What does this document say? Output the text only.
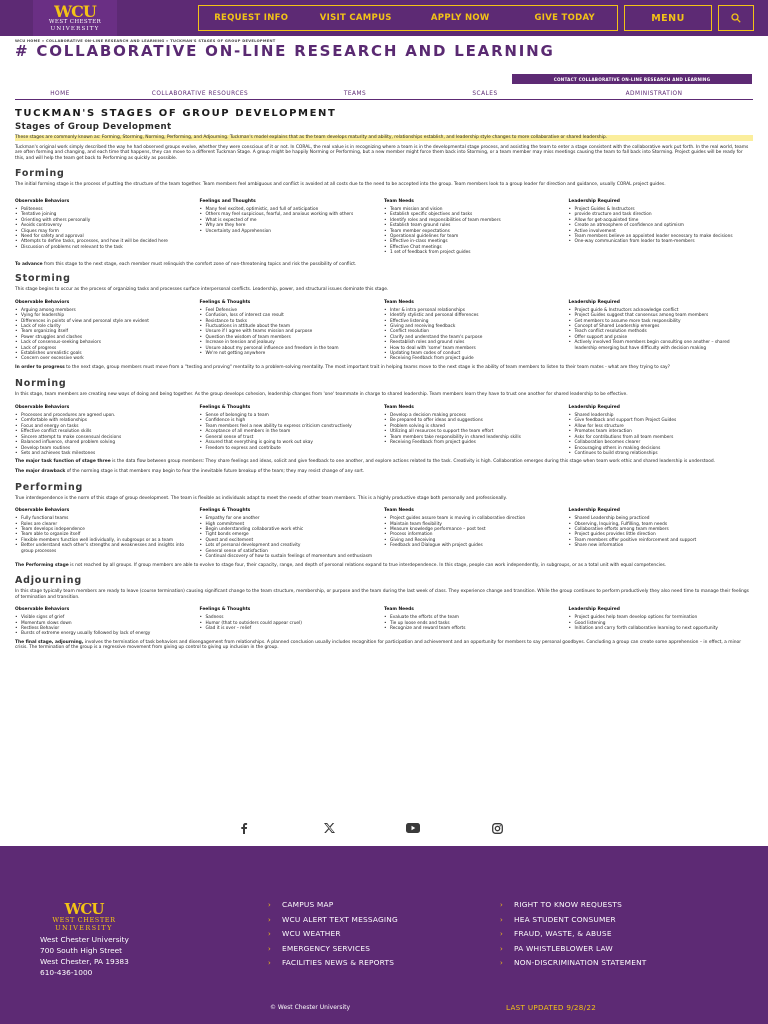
WCU
WEST CHESTER
UNIVERSITY
REQUEST INFO	VISIT CAMPUS	APPLY NOW	GIVE TODAY	MENU
WCU HOME » COLLABORATIVE ON-LINE RESEARCH AND LEARNING » TUCKMAN'S STAGES OF GROUP DEVELOPMENT
# COLLABORATIVE ON-LINE RESEARCH AND LEARNING
CONTACT COLLABORATIVE ON-LINE RESEARCH AND LEARNING
HOME	COLLABORATIVE RESOURCES	TEAMS	SCALES	ADMINISTRATION
TUCKMAN'S STAGES OF GROUP DEVELOPMENT
Stages of Group Development

These stages are commonly known as: Forming, Storming, Norming, Performing, and Adjourning. Tuckman's model explains that as the team develops maturity and ability, relationships establish, and leadership style changes to more collaborative or shared leadership.

Tuckman's original work simply described the way he had observed groups evolve, whether they were conscious of it or not. In CORAL, the real value is in recognizing where a team is in the developmental stage process, and assisting the team to enter a stage consistent with the collaborative work put forth. In the real world, teams are often forming and changing, and each time that happens, they can move to a different Tuckman Stage. A group might be happily Norming or Performing, but a new member might force them back into Storming, or a team member may miss meetings causing the team to fall back into Storming. Project guides will be ready for this, and will help the team get back to Performing as quickly as possible.

Forming

The initial forming stage is the process of putting the structure of the team together. Team members feel ambiguous and conflict is avoided at all costs due to the need to be accepted into the group. Team members look to a group leader for direction and guidance, usually CORAL project guides.

Observable Behaviors
• Politeness
• Tentative joining
• Orienting with others personally
• Avoids controversy
• Cliques may form
• Need for safety and approval
• Attempts to define tasks, processes, and how it will be decided here
• Discussion of problems not relevant to the task
Feelings and Thoughts
• Many feel excited, optimistic, and full of anticipation
• Others may feel suspicious, fearful, and anxious working with others
• What is expected of me
• Why are they here
• Uncertainty and Apprehension
Team Needs
• Team mission and vision
• Establish specific objectives and tasks
• Identify roles and responsibilities of team members
• Establish team ground rules
• Team member expectations
• Operational guidelines for team
• Effective in-class meetings
• Effective Chat meetings
• 1 set of feedback from project guides
Leadership Required
• Project Guides & Instructors
• provide structure and task direction
• Allow for get-acquainted time
• Create an atmosphere of confidence and optimism
• Active involvement
• Team members believe an appointed leader necessary to make decisions
• One-way communication from leader to team-members

To advance from this stage to the next stage, each member must relinquish the comfort zone of non-threatening topics and risk the possibility of conflict.

Storming

This stage begins to occur as the process of organizing tasks and processes surface interpersonal conflicts. Leadership, power, and structural issues dominate this stage.

Observable Behaviors
• Arguing among members
• Vying for leadership
• Differences in points of view and personal style are evident
• Lack of role clarity
• Team organizing itself
• Power struggles and clashes
• Lack of consensus-seeking behaviors
• Lack of progress
• Establishes unrealistic goals
• Concern over excessive work
Feelings & Thoughts
• Feel Defensive
• Confusion, loss of interest can result
• Resistance to tasks
• Fluctuations in attitude about the team
• Unsure if I agree with teams mission and purpose
• Question the wisdom of team members
• Increase in tension and jealousy
• Unsure about my personal influence and freedom in the team
• We're not getting anywhere
Team Needs
• Inter & intra personal relationships
• Identify stylistic and personal differences
• Effective listening
• Giving and receiving feedback
• Conflict resolution
• Clarify and understand the team's purpose
• Reestablish roles and ground rules
• How to deal with 'some' team members
• Updating team codes of conduct
• Receiving Feedback from project guide
Leadership Required
• Project guide & Instructors acknowledge conflict
• Project Guides suggest that consensus among team members
• Get members to assume more task responsibility
• Concept of Shared Leadership emerges
• Teach conflict resolution methods
• Offer support and praise
• Actively involved Team members begin consulting one another – shared leadership emerging but have difficulty with decision making

In order to progress to the next stage, group members must move from a "testing and proving" mentality to a problem-solving mentality. The most important trait in helping teams move to the next stage is the ability of team members to listen to their team mates - what are they trying to say?

Norming

In this stage, team members are creating new ways of doing and being together. As the group develops cohesion, leadership changes from 'one' teammate in charge to shared leadership. Team members learn they have to trust one another for shared leadership to be effective.

Observable Behaviors
• Processes and procedures are agreed upon.
• Comfortable with relationships
• Focus and energy on tasks
• Effective conflict resolution skills
• Sincere attempt to make consensual decisions
• Balanced influence, shared problem solving
• Develop team routines
• Sets and achieves task milestones
Feelings & Thoughts
• Sense of belonging to a team
• Confidence is high
• Team members feel a new ability to express criticism constructively
• Acceptance of all members in the team
• General sense of trust
• Assured that everything is going to work out okay
• Freedom to express and contribute
Team Needs
• Develop a decision making process
• Be prepared to offer ideas and suggestions
• Problem solving is shared
• Utilizing all resources to support the team effort
• Team members take responsibility in shared leadership skills
• Receiving Feedback from project guides
Leadership Required
• Shared leadership
• Give feedback and support from Project Guides
• Allow for less structure
• Promotes team interaction
• Asks for contributions from all team members
• Collaboration becomes clearer
• Encouraging others in making decisions
• Continues to build strong relationships

The major task function of stage three is the data flow between group members: They share feelings and ideas, solicit and give feedback to one another, and explore actions related to the task. Creativity is high. Collaboration emerges during this stage when team work ethic and shared leadership is understood.

The major drawback of the norming stage is that members may begin to fear the inevitable future breakup of the team; they may resist change of any sort.

Performing

True interdependence is the norm of this stage of group development. The team is flexible as individuals adapt to meet the needs of other team members. This is a highly productive stage both personally and professionally.

Observable Behaviors
• Fully functional teams
• Roles are clearer
• Team develops independence
• Team able to organize itself
• Flexible members function well individually, in subgroups or as a team
• Better understand each other's strengths and weaknesses and insights into group processes
Feelings & Thoughts
• Empathy for one another
• High commitment
• Begin understanding collaborative work ethic
• Tight bonds emerge
• Quest and excitement
• Lots of personal development and creativity
• General sense of satisfaction
• Continual discovery of how to sustain feelings of momentum and enthusiasm
Team Needs
• Project guides assure team is moving in collaborative direction
• Maintain team flexibility
• Measure knowledge performance – post test
• Process information
• Giving and Receiving
• Feedback and Dialogue with project guides
Leadership Required
• Shared Leadership being practiced
• Observing, Inquiring, Fulfilling, team needs
• Collaborative efforts among team members
• Project guides provides little direction
• Team members offer positive reinforcement and support
• Share new information

The Performing stage is not reached by all groups. If group members are able to evolve to stage four, their capacity, range, and depth of personal relations expand to true interdependence. In this stage, people can work independently, in subgroups, or as a total unit with equal competencies.

Adjourning

In this stage typically team members are ready to leave (course termination) causing significant change to the team structure, membership, or purpose and the team during the last week of class. They experience change and transition. While the group continues to perform productively they also need time to manage their feelings of termination and transition.

Observable Behaviors
• Visible signs of grief
• Momentum slows down
• Restless Behavior
• Bursts of extreme energy usually followed by lack of energy
Feelings & Thoughts
• Sadness
• Humor (that to outsiders could appear cruel)
• Glad it is over – relief
Team Needs
• Evaluate the efforts of the team
• Tie up loose ends and tasks
• Recognize and reward team efforts
Leadership Required
• Project guides help team develop options for termination
• Good listening
• Initiation and carry forth collaborative learning to next opportunity

The final stage, adjourning, involves the termination of task behaviors and disengagement from relationships. A planned conclusion usually includes recognition for participation and achievement and an opportunity for members to say personal goodbyes. Concluding a group can create some apprehension – in effect, a minor crisis. The termination of the group is a regressive movement from giving up control to giving up inclusion in the group.

WCU
WEST CHESTER
UNIVERSITY
West Chester University
700 South High Street
West Chester, PA 19383
610-436-1000
›	CAMPUS MAP
›	WCU ALERT TEXT MESSAGING
›	WCU WEATHER
›	EMERGENCY SERVICES
›	FACILITIES NEWS & REPORTS
›	RIGHT TO KNOW REQUESTS
›	HEA STUDENT CONSUMER
›	FRAUD, WASTE, & ABUSE
›	PA WHISTLEBLOWER LAW
›	NON-DISCRIMINATION STATEMENT
© West Chester University	LAST UPDATED 9/28/22
